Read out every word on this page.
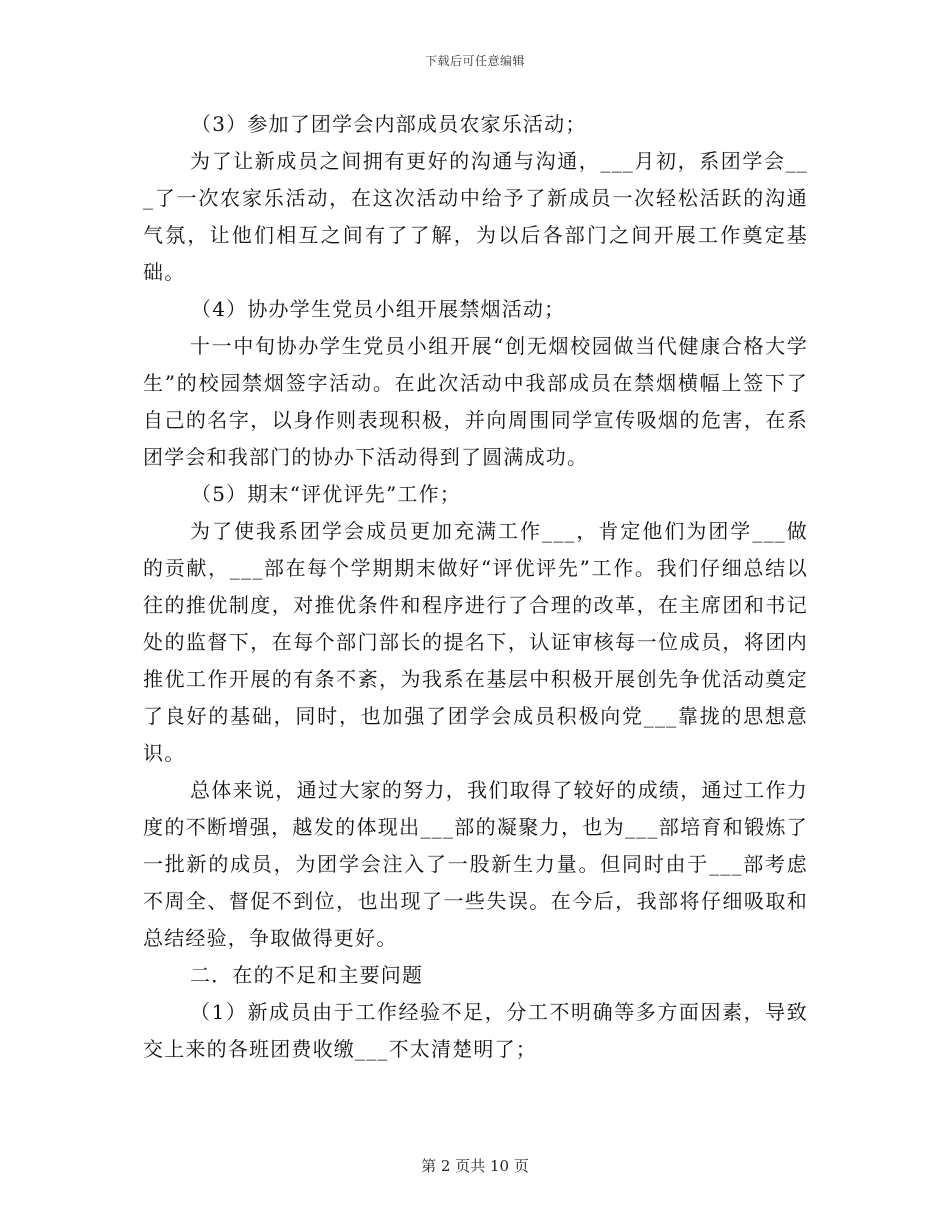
下载后可任意编辑

（3）参加了团学会内部成员农家乐活动；

为了让新成员之间拥有更好的沟通与沟通，___月初，系团学会___了一次农家乐活动，在这次活动中给予了新成员一次轻松活跃的沟通气氛，让他们相互之间有了了解，为以后各部门之间开展工作奠定基础。

（4）协办学生党员小组开展禁烟活动；

十一中旬协办学生党员小组开展“创无烟校园做当代健康合格大学生”的校园禁烟签字活动。在此次活动中我部成员在禁烟横幅上签下了自己的名字，以身作则表现积极，并向周围同学宣传吸烟的危害，在系团学会和我部门的协办下活动得到了圆满成功。

（5）期末“评优评先”工作；

为了使我系团学会成员更加充满工作___，肯定他们为团学___做的贡献，___部在每个学期期末做好“评优评先”工作。我们仔细总结以往的推优制度，对推优条件和程序进行了合理的改革，在主席团和书记处的监督下，在每个部门部长的提名下，认证审核每一位成员，将团内推优工作开展的有条不紊，为我系在基层中积极开展创先争优活动奠定了良好的基础，同时，也加强了团学会成员积极向党___靠拢的思想意识。

总体来说，通过大家的努力，我们取得了较好的成绩，通过工作力度的不断增强，越发的体现出___部的凝聚力，也为___部培育和锻炼了一批新的成员，为团学会注入了一股新生力量。但同时由于___部考虑不周全、督促不到位，也出现了一些失误。在今后，我部将仔细吸取和总结经验，争取做得更好。

二．在的不足和主要问题

（1）新成员由于工作经验不足，分工不明确等多方面因素，导致交上来的各班团费收缴___不太清楚明了；

第 2 页共 10 页
